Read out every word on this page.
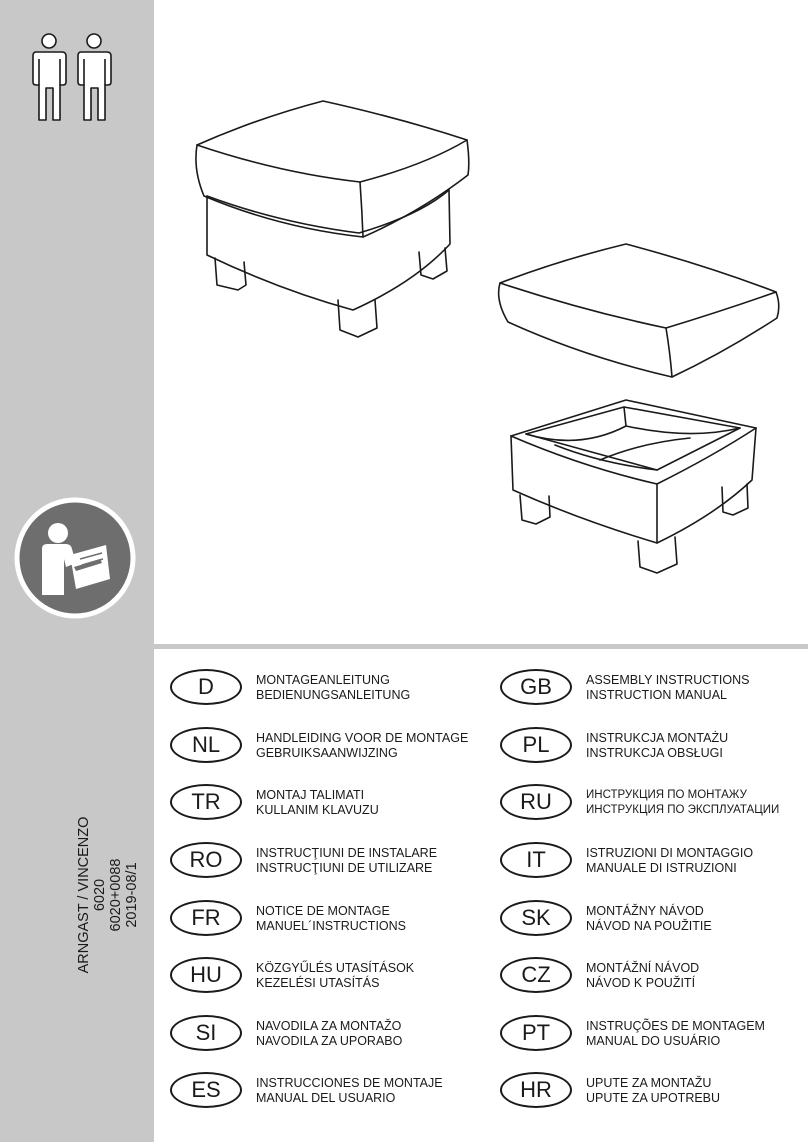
ARNGAST / VINCENZO 6020 6020+0088 2019-08/1
D	MONTAGEANLEITUNG
BEDIENUNGSANLEITUNG
NL	HANDLEIDING VOOR DE MONTAGE
GEBRUIKSAANWIJZING
TR	MONTAJ TALIMATI
KULLANIM KLAVUZU
RO	INSTRUCŢIUNI DE INSTALARE
INSTRUCŢIUNI DE UTILIZARE
FR	NOTICE DE MONTAGE
MANUEL´INSTRUCTIONS
HU	KÖZGYŰLÉS UTASÍTÁSOK
KEZELÉSI UTASÍTÁS
SI	NAVODILA ZA MONTAŽO
NAVODILA ZA UPORABO
ES	INSTRUCCIONES DE MONTAJE
MANUAL DEL USUARIO
GB	ASSEMBLY INSTRUCTIONS
INSTRUCTION MANUAL
PL	INSTRUKCJA MONTAŻU
INSTRUKCJA OBSŁUGI
RU	ИНСТРУКЦИЯ ПО МОНТАЖУ
ИНСТРУКЦИЯ ПО ЭКСПЛУАТАЦИИ
IT	ISTRUZIONI DI MONTAGGIO
MANUALE DI ISTRUZIONI
SK	MONTÁŽNY NÁVOD
NÁVOD NA POUŽITIE
CZ	MONTÁŽNÍ NÁVOD
NÁVOD K POUŽITÍ
PT	INSTRUÇÕES DE MONTAGEM
MANUAL DO USUÁRIO
HR	UPUTE ZA MONTAŽU
UPUTE ZA UPOTREBU
